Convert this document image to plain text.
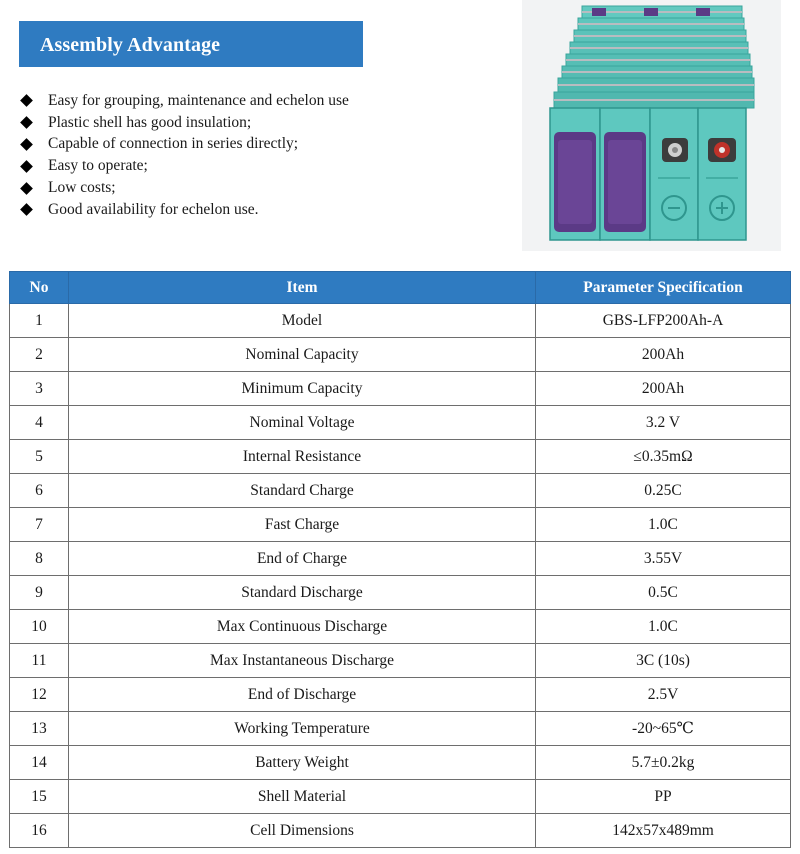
Assembly Advantage
Easy for grouping, maintenance and echelon use
Plastic shell has good insulation;
Capable of connection in series directly;
Easy to operate;
Low costs;
Good availability for echelon use.
No	Item	Parameter Specification
1	Model	GBS-LFP200Ah-A
2	Nominal Capacity	200Ah
3	Minimum Capacity	200Ah
4	Nominal Voltage	3.2 V
5	Internal Resistance	≤0.35mΩ
6	Standard Charge	0.25C
7	Fast Charge	1.0C
8	End of Charge	3.55V
9	Standard Discharge	0.5C
10	Max Continuous Discharge	1.0C
11	Max Instantaneous Discharge	3C (10s)
12	End of Discharge	2.5V
13	Working Temperature	-20~65℃
14	Battery Weight	5.7±0.2kg
15	Shell Material	PP
16	Cell Dimensions	142x57x489mm
